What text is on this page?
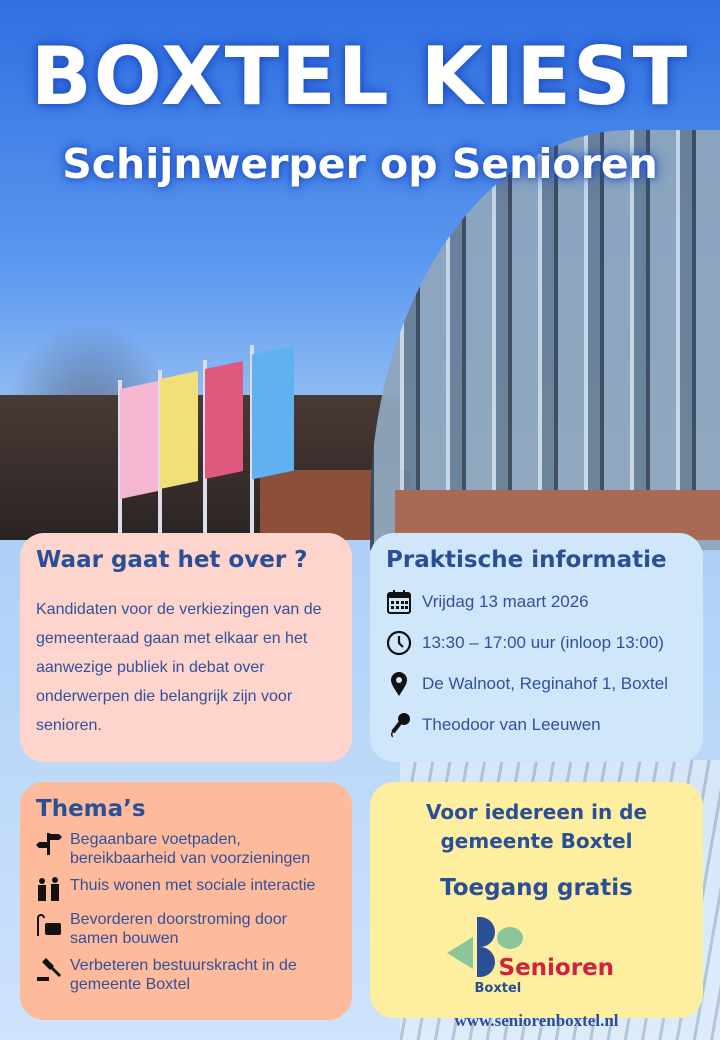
BOXTEL KIEST
Schijnwerper op Senioren
Waar gaat het over ?

Kandidaten voor de verkiezingen van de gemeenteraad gaan met elkaar en het aanwezige publiek in debat over onderwerpen die belangrijk zijn voor senioren.

Praktische informatie
Vrijdag 13 maart 2026
13:30 – 17:00 uur (inloop 13:00)
De Walnoot, Reginahof 1, Boxtel
Theodoor van Leeuwen
Thema’s
Begaanbare voetpaden, bereikbaarheid van voorzieningen
Thuis wonen met sociale interactie
Bevorderen doorstroming door samen bouwen
Verbeteren bestuurskracht in de gemeente Boxtel
Voor iedereen in de gemeente Boxtel
Toegang gratis
Senioren
Boxtel
www.seniorenboxtel.nl
